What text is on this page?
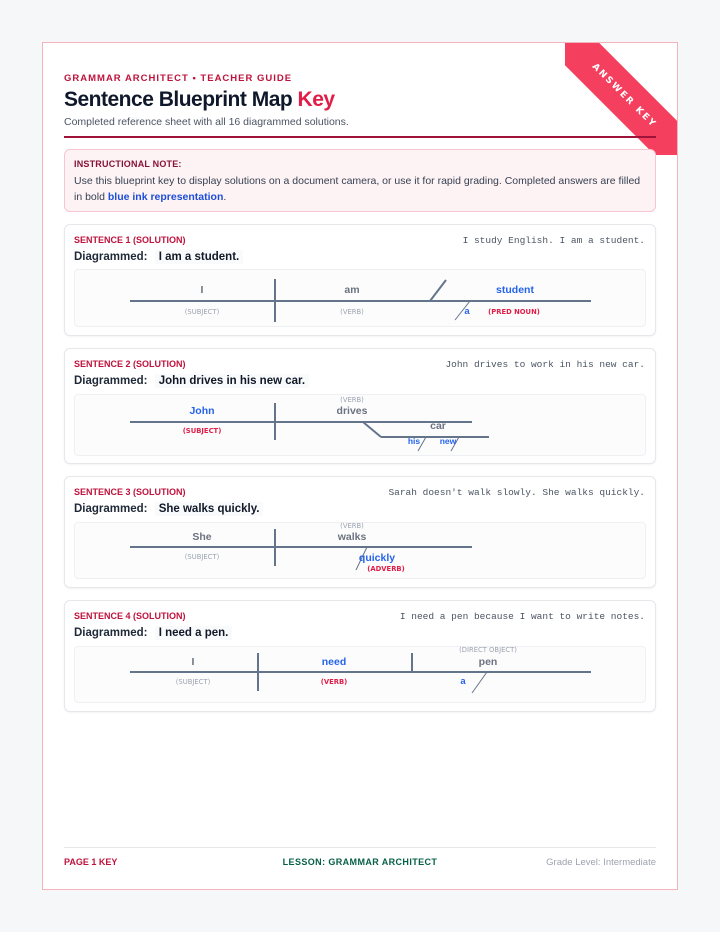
ANSWER KEY
GRAMMAR ARCHITECT • TEACHER GUIDE
Sentence Blueprint Map Key
Completed reference sheet with all 16 diagrammed solutions.
INSTRUCTIONAL NOTE:
Use this blueprint key to display solutions on a document camera, or use it for rapid grading. Completed answers are filled in bold blue ink representation.
SENTENCE 1 (SOLUTION)	I study English. I am a student.
Diagrammed: I am a student.
I
(SUBJECT)
am
(VERB)
student
a	(PRED NOUN)
SENTENCE 2 (SOLUTION)	John drives to work in his new car.
Diagrammed: John drives in his new car.
John
(SUBJECT)
(VERB)
drives
car
his new
SENTENCE 3 (SOLUTION)	Sarah doesn't walk slowly. She walks quickly.
Diagrammed: She walks quickly.
She
(SUBJECT)
(VERB)
walks
quickly
(ADVERB)
SENTENCE 4 (SOLUTION)	I need a pen because I want to write notes.
Diagrammed: I need a pen.
I
(SUBJECT)
need
(VERB)
(DIRECT OBJECT)
pen
a
PAGE 1 KEY	LESSON: GRAMMAR ARCHITECT	Grade Level: Intermediate
